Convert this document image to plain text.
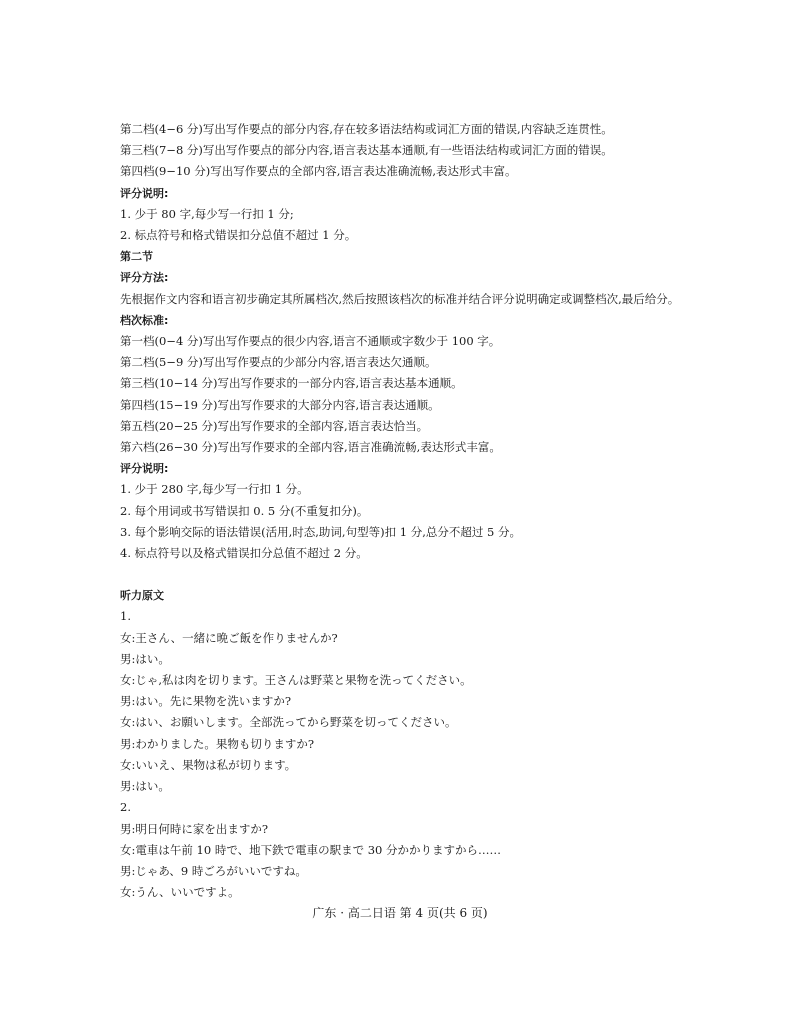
第二档(4−6 分)写出写作要点的部分内容,存在较多语法结构或词汇方面的错误,内容缺乏连贯性。
第三档(7−8 分)写出写作要点的部分内容,语言表达基本通顺,有一些语法结构或词汇方面的错误。
第四档(9−10 分)写出写作要点的全部内容,语言表达准确流畅,表达形式丰富。
评分说明:
1. 少于 80 字,每少写一行扣 1 分;
2. 标点符号和格式错误扣分总值不超过 1 分。
第二节
评分方法:
先根据作文内容和语言初步确定其所属档次,然后按照该档次的标准并结合评分说明确定或调整档次,最后给分。
档次标准:
第一档(0−4 分)写出写作要点的很少内容,语言不通顺或字数少于 100 字。
第二档(5−9 分)写出写作要点的少部分内容,语言表达欠通顺。
第三档(10−14 分)写出写作要求的一部分内容,语言表达基本通顺。
第四档(15−19 分)写出写作要求的大部分内容,语言表达通顺。
第五档(20−25 分)写出写作要求的全部内容,语言表达恰当。
第六档(26−30 分)写出写作要求的全部内容,语言准确流畅,表达形式丰富。
评分说明:
1. 少于 280 字,每少写一行扣 1 分。
2. 每个用词或书写错误扣 0. 5 分(不重复扣分)。
3. 每个影响交际的语法错误(活用,时态,助词,句型等)扣 1 分,总分不超过 5 分。
4. 标点符号以及格式错误扣分总值不超过 2 分。
听力原文
1.
女:王さん、一緒に晩ご飯を作りませんか?
男:はい。
女:じゃ,私は肉を切ります。王さんは野菜と果物を洗ってください。
男:はい。先に果物を洗いますか?
女:はい、お願いします。全部洗ってから野菜を切ってください。
男:わかりました。果物も切りますか?
女:いいえ、果物は私が切ります。
男:はい。
2.
男:明日何時に家を出ますか?
女:電車は午前 10 時で、地下鉄で電車の駅まで 30 分かかりますから……
男:じゃあ、9 時ごろがいいですね。
女:うん、いいですよ。
广东 · 高二日语 第 4 页(共 6 页)
